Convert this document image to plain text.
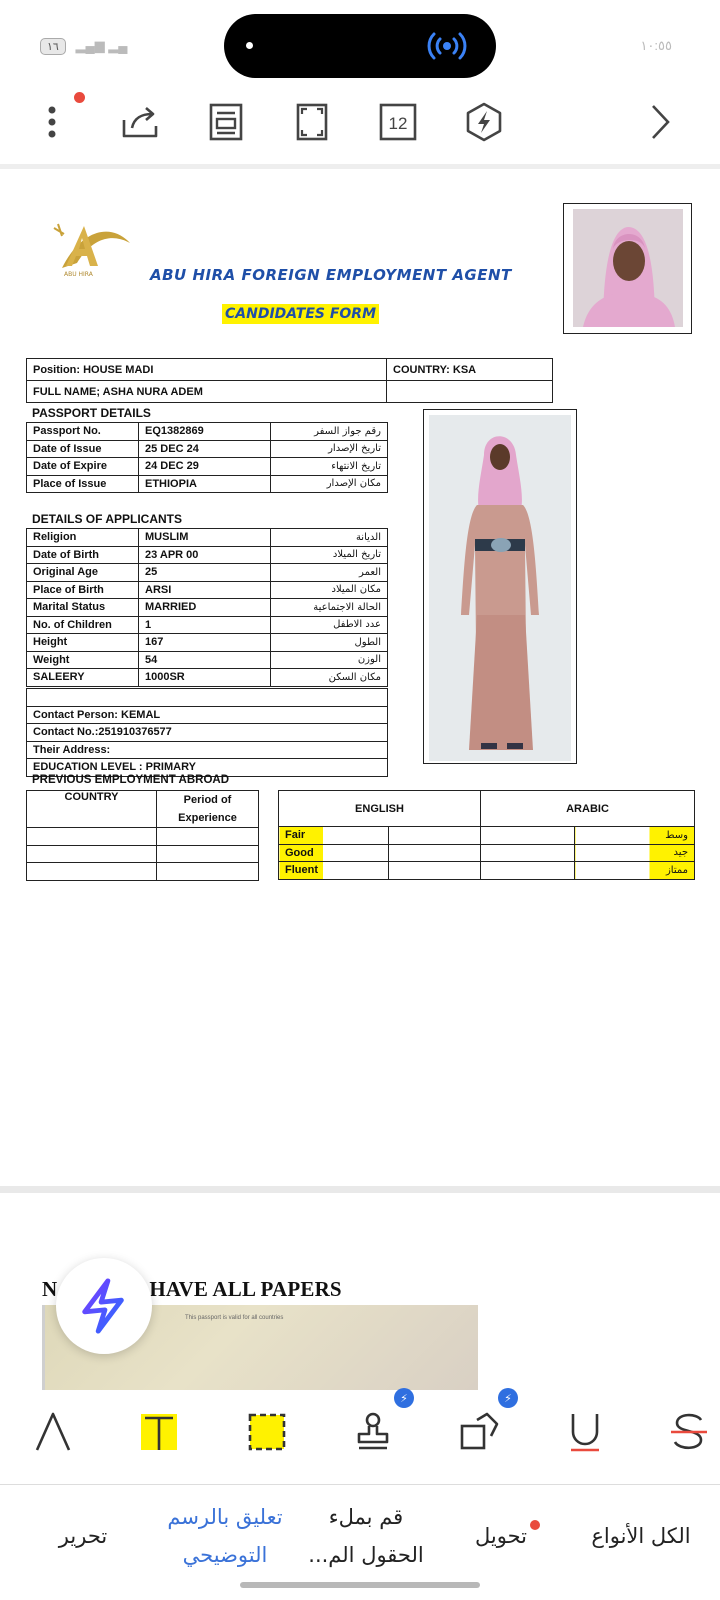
١٦ ▂▄▆ ▂▄	١٠:٥٥
12
ABU HIRA	ABU HIRA FOREIGN EMPLOYMENT AGENT
CANDIDATES FORM
Position: HOUSE MADI	COUNTRY: KSA
FULL NAME; ASHA NURA ADEM	
PASSPORT DETAILS
Passport No.	EQ1382869	رقم جواز السفر
Date of Issue	25 DEC 24	تاريخ الإصدار
Date of Expire	24 DEC 29	تاريخ الانتهاء
Place of Issue	ETHIOPIA	مكان الإصدار
DETAILS OF APPLICANTS
Religion	MUSLIM	الديانة
Date of Birth	23 APR 00	تاريخ الميلاد
Original Age	25	العمر
Place of Birth	ARSI	مكان الميلاد
Marital Status	MARRIED	الحالة الاجتماعية
No. of Children	1	عدد الاطفل
Height	167	الطول
Weight	54	الوزن
SALEERY	1000SR	مكان السكن

Contact Person: KEMAL
Contact No.:251910376577
Their Address:
EDUCATION LEVEL : PRIMARY
PREVIOUS EMPLOYMENT ABROAD
COUNTRY	Period of Experience

ENGLISH		ARABIC	
Fair			وسط
Good			جيد
Fluent			ممتاز
N	HAVE ALL PAPERS
This passport is valid for all countries
⚡	⚡
تحرير
تعليق بالرسم التوضيحي
قم بملء الحقول الم...
تحويل	الكل الأنواع
